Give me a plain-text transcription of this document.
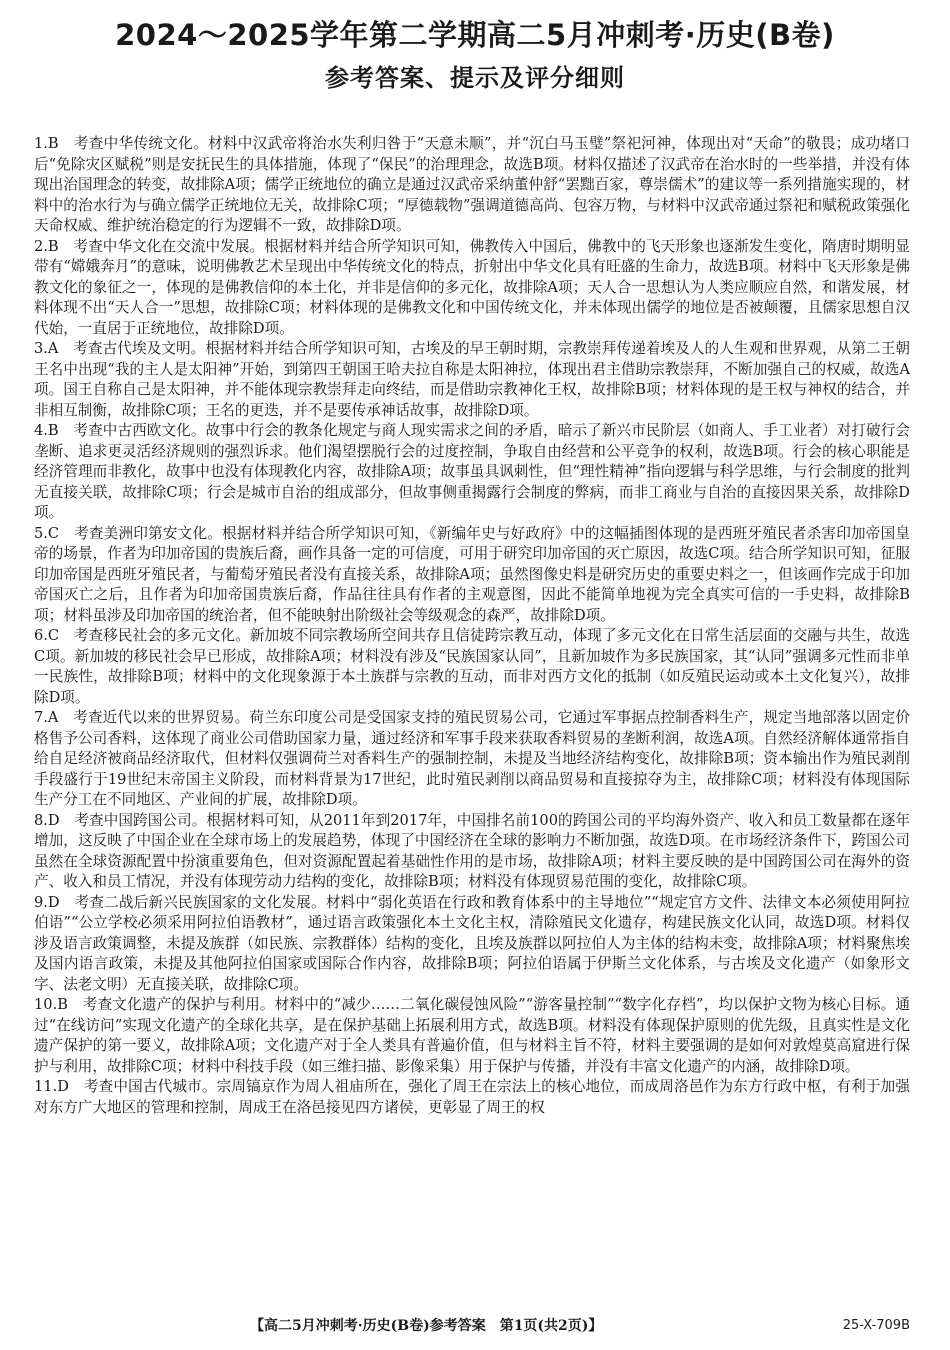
2024～2025学年第二学期高二5月冲刺考·历史(B卷)
参考答案、提示及评分细则

1.B　考查中华传统文化。材料中汉武帝将治水失利归咎于“天意未顺”，并“沉白马玉璧”祭祀河神，体现出对“天命”的敬畏；成功堵口后“免除灾区赋税”则是安抚民生的具体措施，体现了“保民”的治理理念，故选B项。材料仅描述了汉武帝在治水时的一些举措，并没有体现出治国理念的转变，故排除A项；儒学正统地位的确立是通过汉武帝采纳董仲舒“罢黜百家，尊崇儒术”的建议等一系列措施实现的，材料中的治水行为与确立儒学正统地位无关，故排除C项；“厚德载物”强调道德高尚、包容万物，与材料中汉武帝通过祭祀和赋税政策强化天命权威、维护统治稳定的行为逻辑不一致，故排除D项。

2.B　考查中华文化在交流中发展。根据材料并结合所学知识可知，佛教传入中国后，佛教中的飞天形象也逐渐发生变化，隋唐时期明显带有“嫦娥奔月”的意味，说明佛教艺术呈现出中华传统文化的特点，折射出中华文化具有旺盛的生命力，故选B项。材料中飞天形象是佛教文化的象征之一，体现的是佛教信仰的本土化，并非是信仰的多元化，故排除A项；天人合一思想认为人类应顺应自然，和谐发展，材料体现不出“天人合一”思想，故排除C项；材料体现的是佛教文化和中国传统文化，并未体现出儒学的地位是否被颠覆，且儒家思想自汉代始，一直居于正统地位，故排除D项。

3.A　考查古代埃及文明。根据材料并结合所学知识可知，古埃及的早王朝时期，宗教崇拜传递着埃及人的人生观和世界观，从第二王朝王名中出现“我的主人是太阳神”开始，到第四王朝国王哈夫拉自称是太阳神拉，体现出君主借助宗教崇拜，不断加强自己的权威，故选A项。国王自称自己是太阳神，并不能体现宗教崇拜走向终结，而是借助宗教神化王权，故排除B项；材料体现的是王权与神权的结合，并非相互制衡，故排除C项；王名的更迭，并不是要传承神话故事，故排除D项。

4.B　考查中古西欧文化。故事中行会的教条化规定与商人现实需求之间的矛盾，暗示了新兴市民阶层（如商人、手工业者）对打破行会垄断、追求更灵活经济规则的强烈诉求。他们渴望摆脱行会的过度控制，争取自由经营和公平竞争的权利，故选B项。行会的核心职能是经济管理而非教化，故事中也没有体现教化内容，故排除A项；故事虽具讽刺性，但“理性精神”指向逻辑与科学思维，与行会制度的批判无直接关联，故排除C项；行会是城市自治的组成部分，但故事侧重揭露行会制度的弊病，而非工商业与自治的直接因果关系，故排除D项。

5.C　考查美洲印第安文化。根据材料并结合所学知识可知，《新编年史与好政府》中的这幅插图体现的是西班牙殖民者杀害印加帝国皇帝的场景，作者为印加帝国的贵族后裔，画作具备一定的可信度，可用于研究印加帝国的灭亡原因，故选C项。结合所学知识可知，征服印加帝国是西班牙殖民者，与葡萄牙殖民者没有直接关系，故排除A项；虽然图像史料是研究历史的重要史料之一，但该画作完成于印加帝国灭亡之后，且作者为印加帝国贵族后裔，作品往往具有作者的主观意图，因此不能简单地视为完全真实可信的一手史料，故排除B项；材料虽涉及印加帝国的统治者，但不能映射出阶级社会等级观念的森严，故排除D项。

6.C　考查移民社会的多元文化。新加坡不同宗教场所空间共存且信徒跨宗教互动，体现了多元文化在日常生活层面的交融与共生，故选C项。新加坡的移民社会早已形成，故排除A项；材料没有涉及“民族国家认同”，且新加坡作为多民族国家，其“认同”强调多元性而非单一民族性，故排除B项；材料中的文化现象源于本土族群与宗教的互动，而非对西方文化的抵制（如反殖民运动或本土文化复兴），故排除D项。

7.A　考查近代以来的世界贸易。荷兰东印度公司是受国家支持的殖民贸易公司，它通过军事据点控制香料生产，规定当地部落以固定价格售予公司香料，这体现了商业公司借助国家力量，通过经济和军事手段来获取香料贸易的垄断利润，故选A项。自然经济解体通常指自给自足经济被商品经济取代，但材料仅强调荷兰对香料生产的强制控制，未提及当地经济结构变化，故排除B项；资本输出作为殖民剥削手段盛行于19世纪末帝国主义阶段，而材料背景为17世纪，此时殖民剥削以商品贸易和直接掠夺为主，故排除C项；材料没有体现国际生产分工在不同地区、产业间的扩展，故排除D项。

8.D　考查中国跨国公司。根据材料可知，从2011年到2017年，中国排名前100的跨国公司的平均海外资产、收入和员工数量都在逐年增加，这反映了中国企业在全球市场上的发展趋势，体现了中国经济在全球的影响力不断加强，故选D项。在市场经济条件下，跨国公司虽然在全球资源配置中扮演重要角色，但对资源配置起着基础性作用的是市场，故排除A项；材料主要反映的是中国跨国公司在海外的资产、收入和员工情况，并没有体现劳动力结构的变化，故排除B项；材料没有体现贸易范围的变化，故排除C项。

9.D　考查二战后新兴民族国家的文化发展。材料中“弱化英语在行政和教育体系中的主导地位”“规定官方文件、法律文本必须使用阿拉伯语”“公立学校必须采用阿拉伯语教材”，通过语言政策强化本土文化主权，清除殖民文化遗存，构建民族文化认同，故选D项。材料仅涉及语言政策调整，未提及族群（如民族、宗教群体）结构的变化，且埃及族群以阿拉伯人为主体的结构未变，故排除A项；材料聚焦埃及国内语言政策，未提及其他阿拉伯国家或国际合作内容，故排除B项；阿拉伯语属于伊斯兰文化体系，与古埃及文化遗产（如象形文字、法老文明）无直接关联，故排除C项。

10.B　考查文化遗产的保护与利用。材料中的“减少……二氧化碳侵蚀风险”“游客量控制”“数字化存档”，均以保护文物为核心目标。通过“在线访问”实现文化遗产的全球化共享，是在保护基础上拓展利用方式，故选B项。材料没有体现保护原则的优先级，且真实性是文化遗产保护的第一要义，故排除A项；文化遗产对于全人类具有普遍价值，但与材料主旨不符，材料主要强调的是如何对敦煌莫高窟进行保护与利用，故排除C项；材料中科技手段（如三维扫描、影像采集）用于保护与传播，并没有丰富文化遗产的内涵，故排除D项。

11.D　考查中国古代城市。宗周镐京作为周人祖庙所在，强化了周王在宗法上的核心地位，而成周洛邑作为东方行政中枢，有利于加强对东方广大地区的管理和控制，周成王在洛邑接见四方诸侯，更彰显了周王的权

【高二5月冲刺考·历史(B卷)参考答案　第1页(共2页)】	25-X-709B
